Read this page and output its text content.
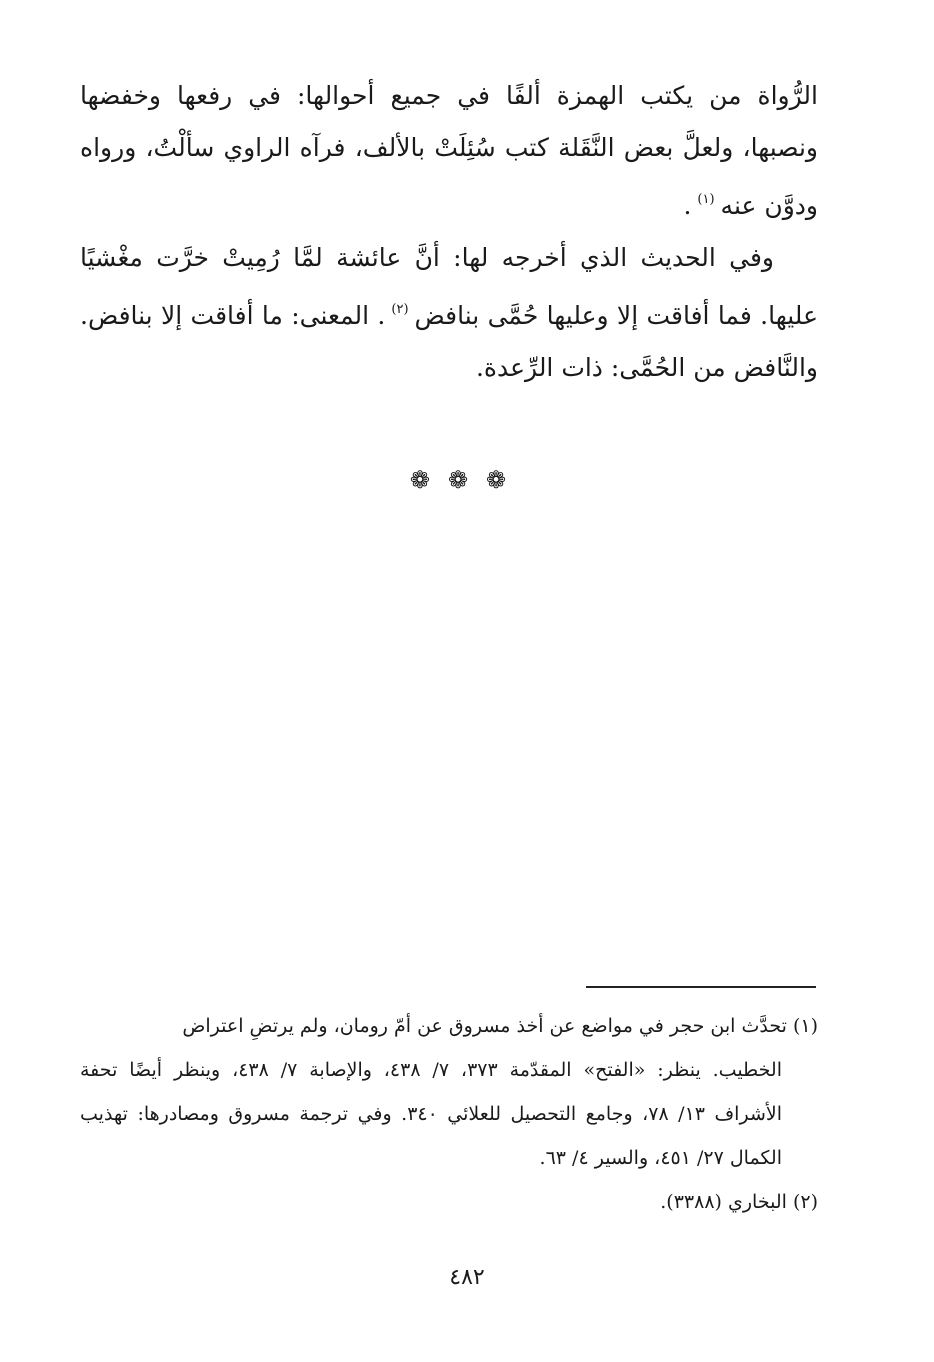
الرُّواة من يكتب الهمزة ألفًا في جميع أحوالها: في رفعها وخفضها ونصبها، ولعلَّ بعض النَّقَلة كتب سُئِلَتْ بالألف، فرآه الراوي سألْتُ، ورواه ودوَّن عنه$^{(١)}$.
وفي الحديث الذي أخرجه لها: أنَّ عائشة لمَّا رُمِيتْ خرَّت مغْشيًا عليها. فما أفاقت إلا وعليها حُمَّى بنافض$^{(٢)}$. المعنى: ما أفاقت إلا بنافض. والنَّافض من الحُمَّى: ذات الرِّعدة.
❁❁❁

(١) تحدَّث ابن حجر في مواضع عن أخذ مسروق عن أمّ رومان، ولم يرتضِ اعتراض

الخطيب. ينظر: «الفتح» المقدّمة ٣٧٣، ٧/ ٤٣٨، والإصابة ٧/ ٤٣٨، وينظر أيضًا تحفة الأشراف ١٣/ ٧٨، وجامع التحصيل للعلائي ٣٤٠. وفي ترجمة مسروق ومصادرها: تهذيب الكمال ٢٧/ ٤٥١، والسير ٤/ ٦٣.

(٢) البخاري (٣٣٨٨).

٤٨٢
